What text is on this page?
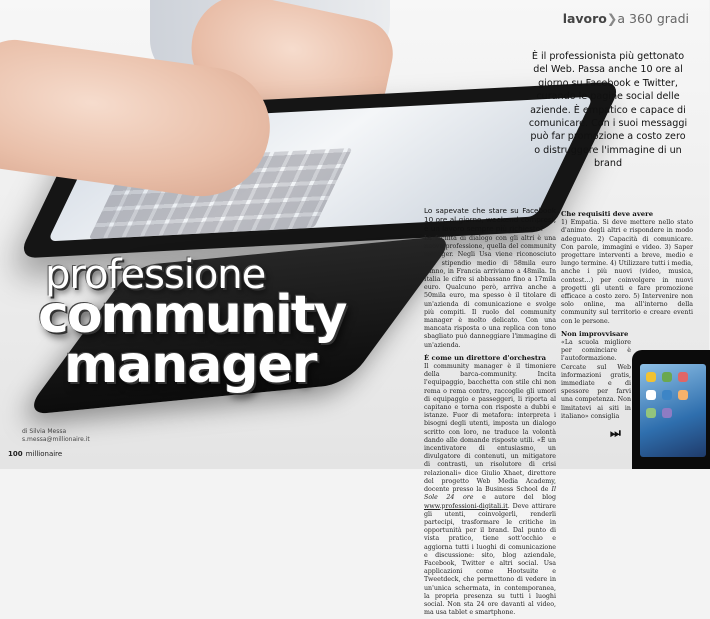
lavoro❯a 360 gradi
È il professionista più gettonato del Web. Passa anche 10 ore al giorno su Facebook e Twitter, curando le pagine social delle aziende. È empatico e capace di comunicare. Con i suoi messaggi può far promozione a costo zero o distruggere l'immagine di un brand
professione
community
manager
di Silvia Messa
s.messa@millionaire.it
100 millionaire

Lo sapevate che stare su Facebook 10 ore al giorno, weekend compresi, è un lavoro sempre più richiesto?

La facilità di dialogo con gli altri è una nuova professione, quella del community manager. Negli Usa viene riconosciuto uno stipendio medio di 58mila euro l'anno, in Francia arriviamo a 48mila. In Italia le cifre si abbassano fino a 17mila euro. Qualcuno però, arriva anche a 50mila euro, ma spesso è il titolare di un'azienda di comunicazione e svolge più compiti. Il ruolo del community manager è molto delicato. Con una mancata risposta o una replica con tono sbagliato può danneggiare l'immagine di un'azienda.

È come un direttore d'orchestra

Il community manager è il timoniere della barca-community. Incita l'equipaggio, bacchetta con stile chi non rema o rema contro, raccoglie gli umori di equipaggio e passeggeri, li riporta al capitano e torna con risposte a dubbi e istanze. Fuor di metafora: interpreta i bisogni degli utenti, imposta un dialogo scritto con loro, ne traduce la volontà dando alle domande risposte utili. «È un incentivatore di entusiasmo, un divulgatore di contenuti, un mitigatore di contrasti, un risolutore di crisi relazionali» dice Giulio Xhaet, direttore del progetto Web Media Academy, docente presso la Business School de Il Sole 24 ore e autore del blog www.professioni-digitali.it. Deve attirare gli utenti, coinvolgerli, renderli partecipi, trasformare le critiche in opportunità per il brand. Dal punto di vista pratico, tiene sott'occhio e aggiorna tutti i luoghi di comunicazione e discussione: sito, blog aziendale, Facebook, Twitter e altri social. Usa applicazioni come Hootsuite e Tweetdeck, che permettono di vedere in un'unica schermata, in contemporanea, la propria presenza su tutti i luoghi social. Non sta 24 ore davanti al video, ma usa tablet e smartphone.

Che requisiti deve avere

1) Empatia. Si deve mettere nello stato d'animo degli altri e rispondere in modo adeguato. 2) Capacità di comunicare. Con parole, immagini e video. 3) Saper progettare interventi a breve, medio e lungo termine. 4) Utilizzare tutti i media, anche i più nuovi (video, musica, contest…) per coinvolgere in nuovi progetti gli utenti e fare promozione efficace a costo zero. 5) Intervenire non solo online, ma all'interno della community sul territorio e creare eventi con le persone.

Non improvvisare

«La scuola migliore per cominciare è l'autoformazione. Cercate sul Web informazioni gratis, immediate e di spessore per farvi una competenza. Non limitatevi ai siti in italiano» consiglia

⏭
